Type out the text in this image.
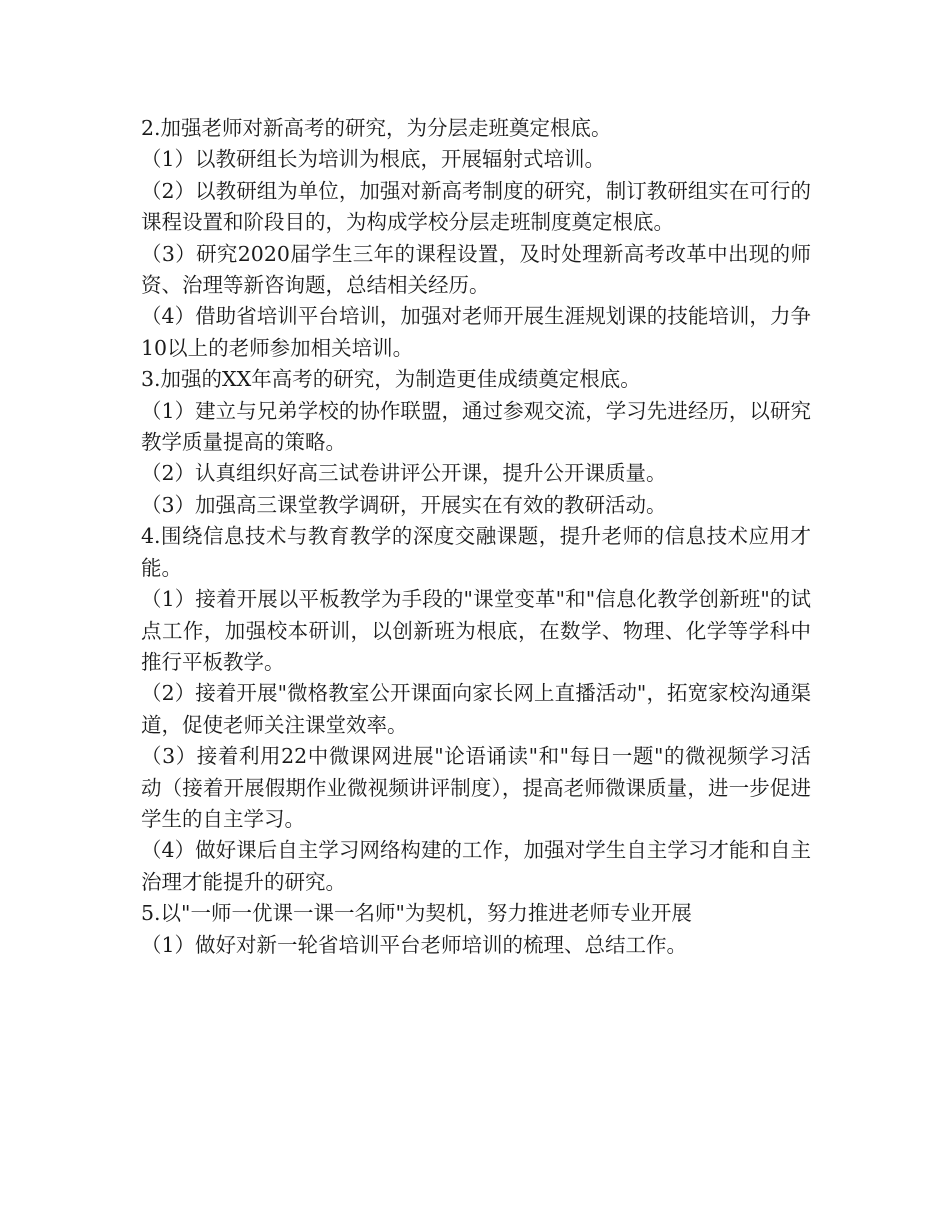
2.加强老师对新高考的研究，为分层走班奠定根底。

（1）以教研组长为培训为根底，开展辐射式培训。

（2）以教研组为单位，加强对新高考制度的研究，制订教研组实在可行的课程设置和阶段目的，为构成学校分层走班制度奠定根底。

（3）研究2020届学生三年的课程设置，及时处理新高考改革中出现的师资、治理等新咨询题，总结相关经历。

（4）借助省培训平台培训，加强对老师开展生涯规划课的技能培训，力争10以上的老师参加相关培训。

3.加强的XX年高考的研究，为制造更佳成绩奠定根底。

（1）建立与兄弟学校的协作联盟，通过参观交流，学习先进经历，以研究教学质量提高的策略。

（2）认真组织好高三试卷讲评公开课，提升公开课质量。

（3）加强高三课堂教学调研，开展实在有效的教研活动。

4.围绕信息技术与教育教学的深度交融课题，提升老师的信息技术应用才能。

（1）接着开展以平板教学为手段的"课堂变革"和"信息化教学创新班"的试点工作，加强校本研训，以创新班为根底，在数学、物理、化学等学科中推行平板教学。

（2）接着开展"微格教室公开课面向家长网上直播活动"，拓宽家校沟通渠道，促使老师关注课堂效率。

（3）接着利用22中微课网进展"论语诵读"和"每日一题"的微视频学习活动（接着开展假期作业微视频讲评制度），提高老师微课质量，进一步促进学生的自主学习。

（4）做好课后自主学习网络构建的工作，加强对学生自主学习才能和自主治理才能提升的研究。

5.以"一师一优课一课一名师"为契机，努力推进老师专业开展

（1）做好对新一轮省培训平台老师培训的梳理、总结工作。
